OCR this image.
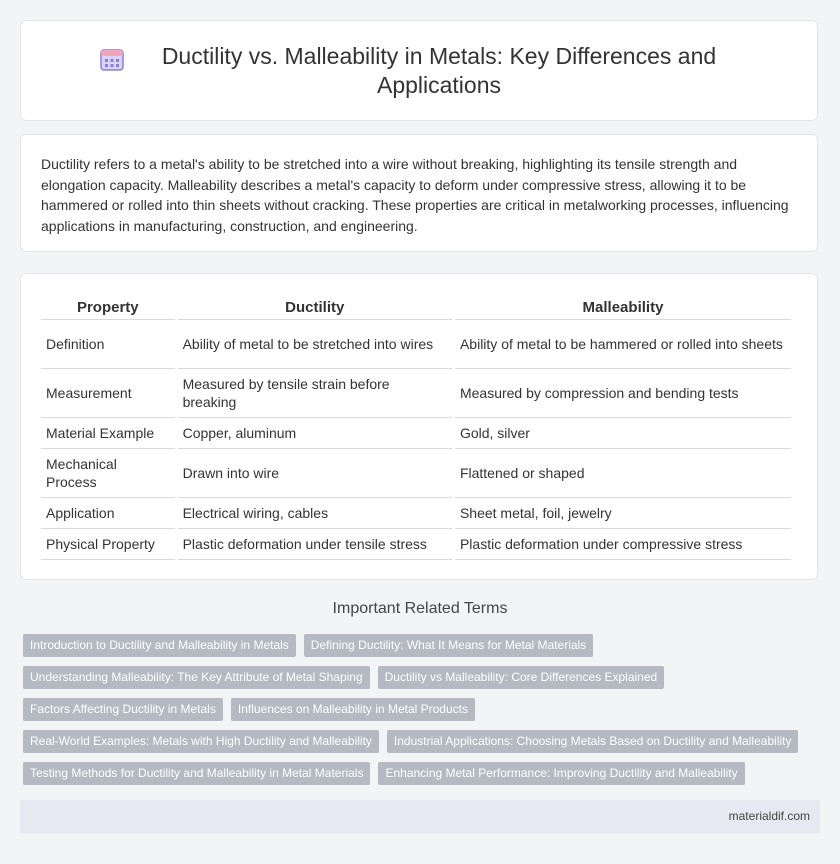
Ductility vs. Malleability in Metals: Key Differences and Applications

Ductility refers to a metal's ability to be stretched into a wire without breaking, highlighting its tensile strength and elongation capacity. Malleability describes a metal's capacity to deform under compressive stress, allowing it to be hammered or rolled into thin sheets without cracking. These properties are critical in metalworking processes, influencing applications in manufacturing, construction, and engineering.

Property	Ductility	Malleability
Definition	Ability of metal to be stretched into wires	Ability of metal to be hammered or rolled into sheets
Measurement	Measured by tensile strain before breaking	Measured by compression and bending tests
Material Example	Copper, aluminum	Gold, silver
Mechanical Process	Drawn into wire	Flattened or shaped
Application	Electrical wiring, cables	Sheet metal, foil, jewelry
Physical Property	Plastic deformation under tensile stress	Plastic deformation under compressive stress
Important Related Terms
Introduction to Ductility and Malleability in Metals	Defining Ductility: What It Means for Metal Materials
Understanding Malleability: The Key Attribute of Metal Shaping	Ductility vs Malleability: Core Differences Explained
Factors Affecting Ductility in Metals	Influences on Malleability in Metal Products
Real-World Examples: Metals with High Ductility and Malleability	Industrial Applications: Choosing Metals Based on Ductility and Malleability
Testing Methods for Ductility and Malleability in Metal Materials	Enhancing Metal Performance: Improving Ductility and Malleability
materialdif.com
